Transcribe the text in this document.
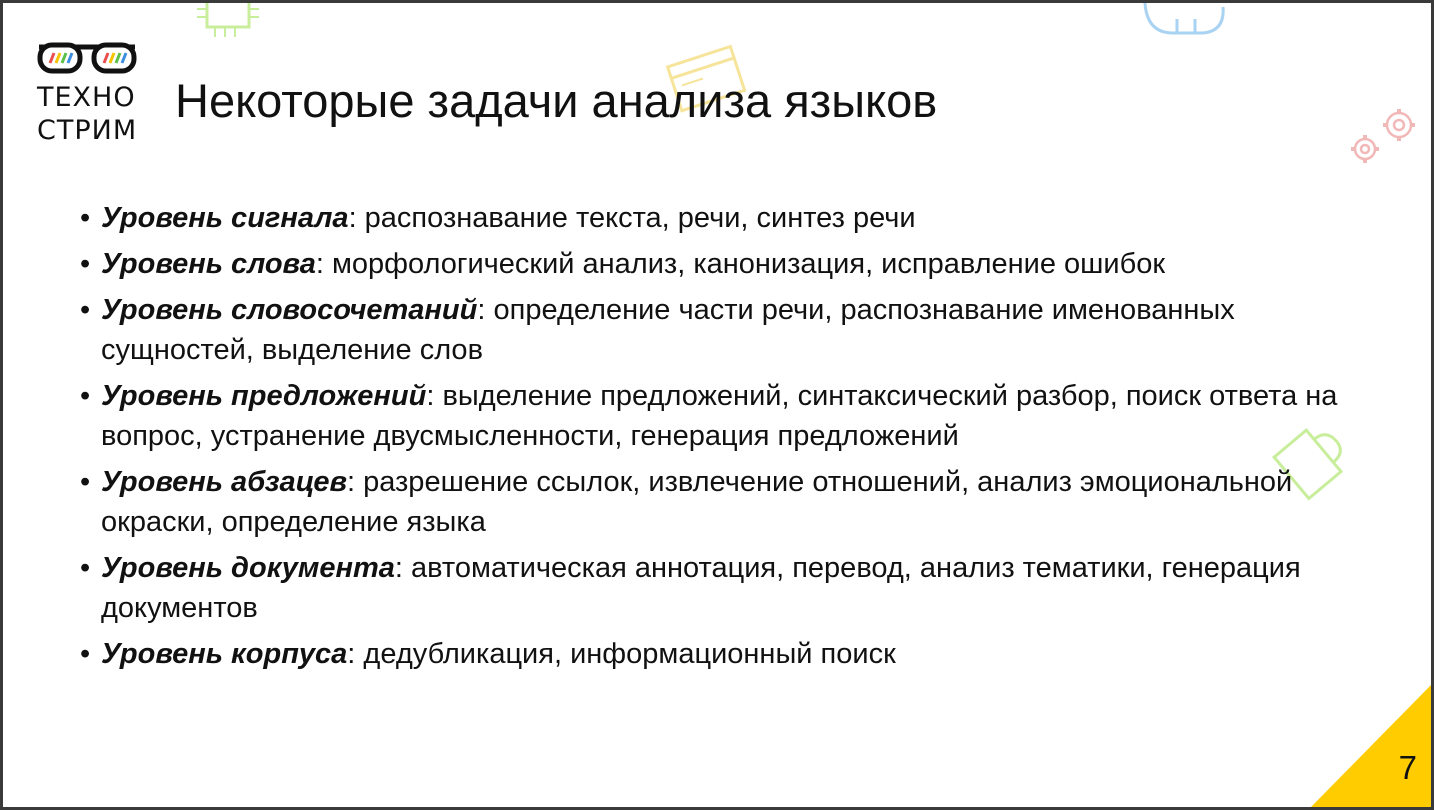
ТЕХНО
СТРИМ
Некоторые задачи анализа языков
• Уровень сигнала: распознавание текста, речи, синтез речи
• Уровень слова: морфологический анализ, канонизация, исправление ошибок
• Уровень словосочетаний: определение части речи, распознавание именованных сущностей, выделение слов
• Уровень предложений: выделение предложений, синтаксический разбор, поиск ответа на вопрос, устранение двусмысленности, генерация предложений
• Уровень абзацев: разрешение ссылок, извлечение отношений, анализ эмоциональной окраски, определение языка
• Уровень документа: автоматическая аннотация, перевод, анализ тематики, генерация документов
• Уровень корпуса: дедубликация, информационный поиск
7
